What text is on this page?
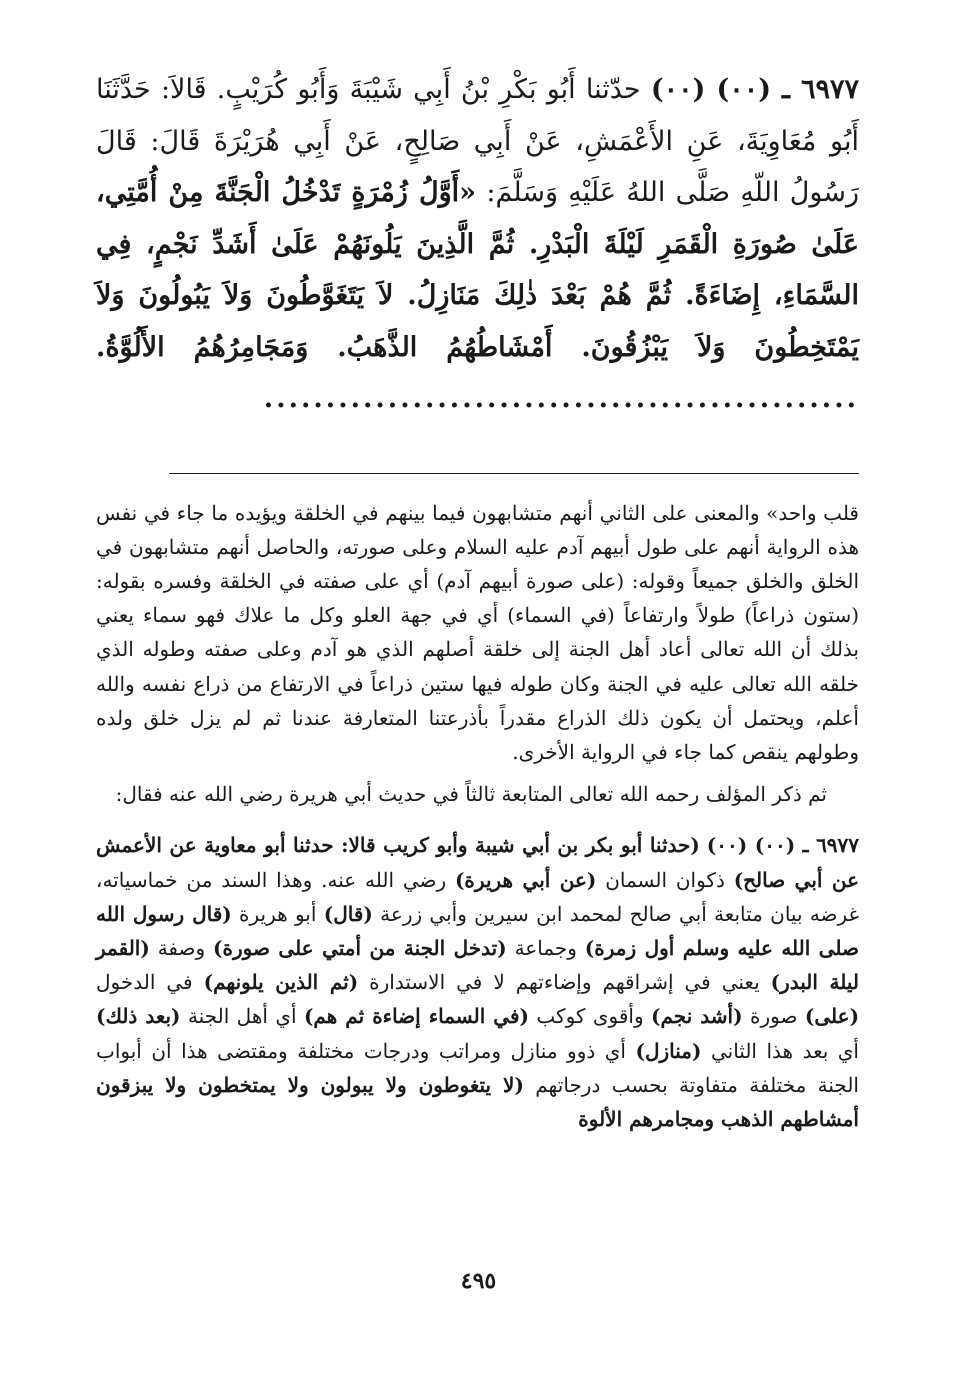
٦٩٧٧ ـ (٠٠) (٠٠) حدّثنا أَبُو بَكْرِ بْنُ أَبِي شَيْبَةَ وَأَبُو كُرَيْبٍ. قَالاَ: حَدَّثَنَا أَبُو مُعَاوِيَةَ، عَنِ الأَعْمَشِ، عَنْ أَبِي صَالِحٍ، عَنْ أَبِي هُرَيْرَةَ قَالَ: قَالَ رَسُولُ اللّهِ صَلَّى اللهُ عَلَيْهِ وَسَلَّمَ: «أَوَّلُ زُمْرَةٍ تَدْخُلُ الْجَنَّةَ مِنْ أُمَّتِي، عَلَىٰ صُورَةِ الْقَمَرِ لَيْلَةَ الْبَدْرِ. ثُمَّ الَّذِينَ يَلُونَهُمْ عَلَىٰ أَشَدِّ نَجْمٍ، فِي السَّمَاءِ، إِضَاءَةً. ثُمَّ هُمْ بَعْدَ ذٰلِكَ مَنَازِلُ. لاَ يَتَغَوَّطُونَ وَلاَ يَبُولُونَ وَلاَ يَمْتَخِطُونَ وَلاَ يَبْزُقُونَ. أَمْشَاطُهُمُ الذَّهَبُ. وَمَجَامِرُهُمُ الأَلُوَّةُ. ................................................

قلب واحد» والمعنى على الثاني أنهم متشابهون فيما بينهم في الخلقة ويؤيده ما جاء في نفس هذه الرواية أنهم على طول أبيهم آدم عليه السلام وعلى صورته، والحاصل أنهم متشابهون في الخلق والخلق جميعاً وقوله: (على صورة أبيهم آدم) أي على صفته في الخلقة وفسره بقوله: (ستون ذراعاً) طولاً وارتفاعاً (في السماء) أي في جهة العلو وكل ما علاك فهو سماء يعني بذلك أن الله تعالى أعاد أهل الجنة إلى خلقة أصلهم الذي هو آدم وعلى صفته وطوله الذي خلقه الله تعالى عليه في الجنة وكان طوله فيها ستين ذراعاً في الارتفاع من ذراع نفسه والله أعلم، ويحتمل أن يكون ذلك الذراع مقدراً بأذرعتنا المتعارفة عندنا ثم لم يزل خلق ولده وطولهم ينقص كما جاء في الرواية الأخرى.

ثم ذكر المؤلف رحمه الله تعالى المتابعة ثالثاً في حديث أبي هريرة رضي الله عنه فقال:

٦٩٧٧ ـ (٠٠) (٠٠) (حدثنا أبو بكر بن أبي شيبة وأبو كريب قالا: حدثنا أبو معاوية عن الأعمش عن أبي صالح) ذكوان السمان (عن أبي هريرة) رضي الله عنه. وهذا السند من خماسياته، غرضه بيان متابعة أبي صالح لمحمد ابن سيرين وأبي زرعة (قال) أبو هريرة (قال رسول الله صلى الله عليه وسلم أول زمرة) وجماعة (تدخل الجنة من أمتي على صورة) وصفة (القمر ليلة البدر) يعني في إشراقهم وإضاءتهم لا في الاستدارة (ثم الذين يلونهم) في الدخول (على) صورة (أشد نجم) وأقوى كوكب (في السماء إضاءة ثم هم) أي أهل الجنة (بعد ذلك) أي بعد هذا الثاني (منازل) أي ذوو منازل ومراتب ودرجات مختلفة ومقتضى هذا أن أبواب الجنة مختلفة متفاوتة بحسب درجاتهم (لا يتغوطون ولا يبولون ولا يمتخطون ولا يبزقون أمشاطهم الذهب ومجامرهم الألوة

٤٩٥
